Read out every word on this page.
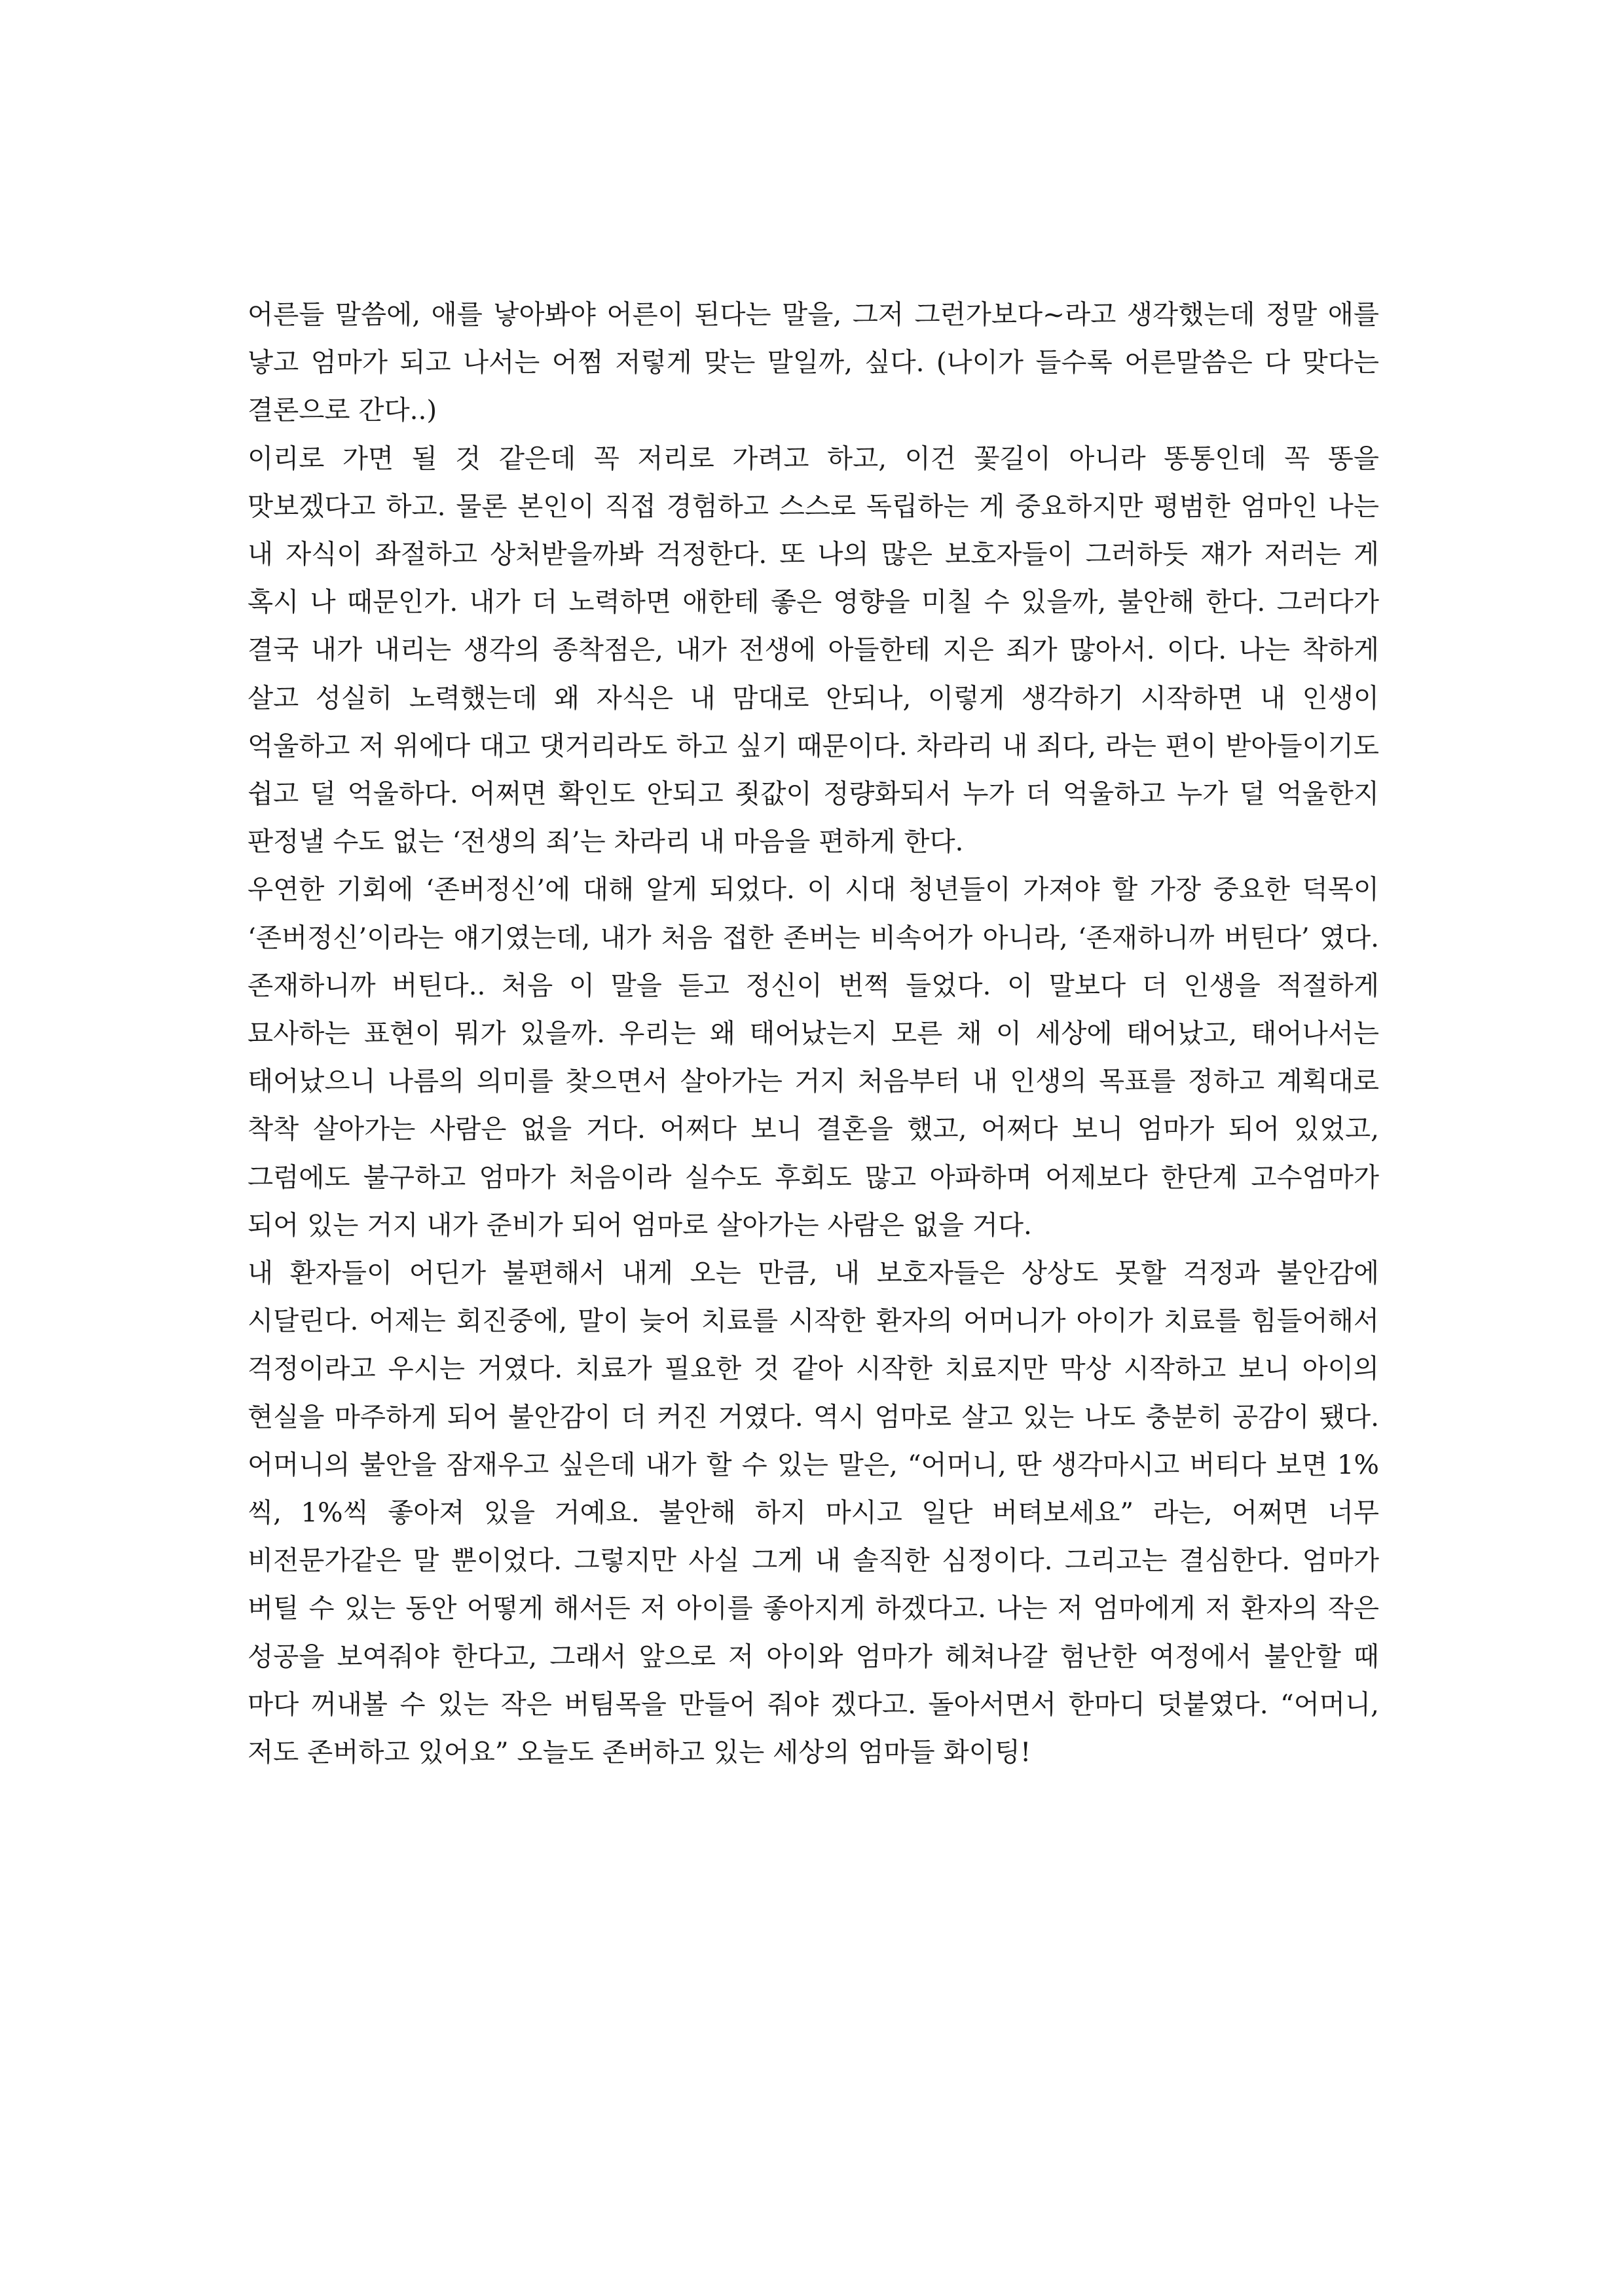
어른들 말씀에, 애를 낳아봐야 어른이 된다는 말을, 그저 그런가보다~라고 생각했는데 정말 애를 낳고 엄마가 되고 나서는 어쩜 저렇게 맞는 말일까, 싶다. (나이가 들수록 어른말씀은 다 맞다는 결론으로 간다..)

이리로 가면 될 것 같은데 꼭 저리로 가려고 하고, 이건 꽃길이 아니라 똥통인데 꼭 똥을 맛보겠다고 하고. 물론 본인이 직접 경험하고 스스로 독립하는 게 중요하지만 평범한 엄마인 나는 내 자식이 좌절하고 상처받을까봐 걱정한다. 또 나의 많은 보호자들이 그러하듯 쟤가 저러는 게 혹시 나 때문인가. 내가 더 노력하면 애한테 좋은 영향을 미칠 수 있을까, 불안해 한다. 그러다가 결국 내가 내리는 생각의 종착점은, 내가 전생에 아들한테 지은 죄가 많아서. 이다. 나는 착하게 살고 성실히 노력했는데 왜 자식은 내 맘대로 안되나, 이렇게 생각하기 시작하면 내 인생이 억울하고 저 위에다 대고 댓거리라도 하고 싶기 때문이다. 차라리 내 죄다, 라는 편이 받아들이기도 쉽고 덜 억울하다. 어쩌면 확인도 안되고 죗값이 정량화되서 누가 더 억울하고 누가 덜 억울한지 판정낼 수도 없는 ‘전생의 죄’는 차라리 내 마음을 편하게 한다.

우연한 기회에 ‘존버정신’에 대해 알게 되었다. 이 시대 청년들이 가져야 할 가장 중요한 덕목이 ‘존버정신’이라는 얘기였는데, 내가 처음 접한 존버는 비속어가 아니라, ‘존재하니까 버틴다’ 였다. 존재하니까 버틴다.. 처음 이 말을 듣고 정신이 번쩍 들었다. 이 말보다 더 인생을 적절하게 묘사하는 표현이 뭐가 있을까. 우리는 왜 태어났는지 모른 채 이 세상에 태어났고, 태어나서는 태어났으니 나름의 의미를 찾으면서 살아가는 거지 처음부터 내 인생의 목표를 정하고 계획대로 착착 살아가는 사람은 없을 거다. 어쩌다 보니 결혼을 했고, 어쩌다 보니 엄마가 되어 있었고, 그럼에도 불구하고 엄마가 처음이라 실수도 후회도 많고 아파하며 어제보다 한단계 고수엄마가 되어 있는 거지 내가 준비가 되어 엄마로 살아가는 사람은 없을 거다.

내 환자들이 어딘가 불편해서 내게 오는 만큼, 내 보호자들은 상상도 못할 걱정과 불안감에 시달린다. 어제는 회진중에, 말이 늦어 치료를 시작한 환자의 어머니가 아이가 치료를 힘들어해서 걱정이라고 우시는 거였다. 치료가 필요한 것 같아 시작한 치료지만 막상 시작하고 보니 아이의 현실을 마주하게 되어 불안감이 더 커진 거였다. 역시 엄마로 살고 있는 나도 충분히 공감이 됐다. 어머니의 불안을 잠재우고 싶은데 내가 할 수 있는 말은, “어머니, 딴 생각마시고 버티다 보면 1%씩, 1%씩 좋아져 있을 거예요. 불안해 하지 마시고 일단 버텨보세요” 라는, 어쩌면 너무 비전문가같은 말 뿐이었다. 그렇지만 사실 그게 내 솔직한 심정이다. 그리고는 결심한다. 엄마가 버틸 수 있는 동안 어떻게 해서든 저 아이를 좋아지게 하겠다고. 나는 저 엄마에게 저 환자의 작은 성공을 보여줘야 한다고, 그래서 앞으로 저 아이와 엄마가 헤쳐나갈 험난한 여정에서 불안할 때 마다 꺼내볼 수 있는 작은 버팀목을 만들어 줘야 겠다고. 돌아서면서 한마디 덧붙였다. “어머니, 저도 존버하고 있어요” 오늘도 존버하고 있는 세상의 엄마들 화이팅!
